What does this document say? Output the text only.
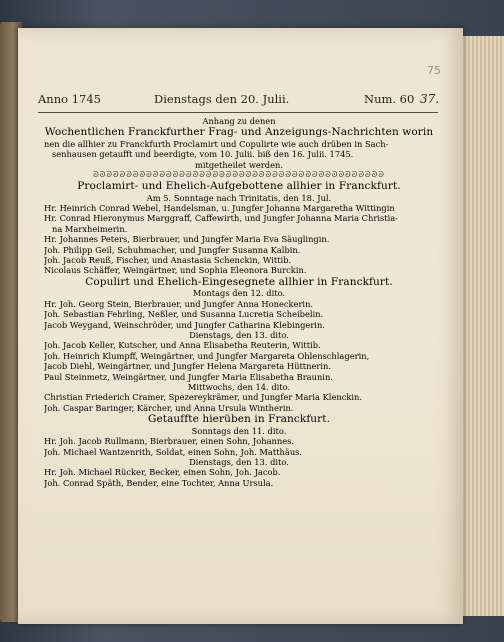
75
Anno 1745	Dienstags den 20. Julii.	Num. 60 37.
Anhang zu denen
Wochentlichen Franckfurther Frag- und Anzeigungs-Nachrichten worin
nen die allhier zu Franckfurth Proclamirt und Copulirte wie auch drüben in Sach-
senhausen getaufft und beerdigte, vom 10. Julii. biß den 16. Julii. 1745.
mitgetheilet werden.
ᘐᘐᘐᘐᘐᘐᘐᘐᘐᘐᘐᘐᘐᘐᘐᘐᘐᘐᘐᘐᘐᘐᘐᘐᘐᘐᘐᘐᘐᘐᘐᘐᘐᘐᘐᘐᘐᘐᘐᘐᘐᘐᘐᘐ
Proclamirt- und Ehelich-Aufgebottene allhier in Franckfurt.
Am 5. Sonntage nach Trinitatis, den 18. Jul.
Hr. Heinrich Conrad Webel, Handelsman, u. Jungfer Johanna Margaretha Wittingin
Hr. Conrad Hieronymus Marggraff, Caffewirth, und Jungfer Johanna Maria Christia-
na Marxheimerin.
Hr. Johannes Peters, Bierbrauer, und Jungfer Maria Eva Säuglingin.
Joh. Philipp Geil, Schuhmacher, und Jungfer Susanna Kalbin.
Joh. Jacob Reuß, Fischer, und Anastasia Schenckin, Wittib.
Nicolaus Schäffer, Weingärtner, und Sophia Eleonora Burckin.
Copulirt und Ehelich-Eingesegnete allhier in Franckfurt.
Montags den 12. dito.
Hr. Joh. Georg Stein, Bierbrauer, und Jungfer Anna Honeckerin.
Joh. Sebastian Fehrling, Neßler, und Susanna Lucretia Scheibelin.
Jacob Weygand, Weinschröder, und Jungfer Catharina Klebingerin.
Dienstags, den 13. dito.
Joh. Jacob Keller, Kutscher, und Anna Elisabetha Reuterin, Wittib.
Joh. Heinrich Klumpff, Weingärtner, und Jungfer Margareta Ohlenschlagerin,
Jacob Diehl, Weingärtner, und Jungfer Helena Margareta Hüttnerin.
Paul Steinmetz, Weingärtner, und Jungfer Maria Elisabetha Braunin.
Mittwochs, den 14. dito.
Christian Friederich Cramer, Spezereykrämer, und Jungfer Maria Klenckin.
Joh. Caspar Baringer, Kärcher, und Anna Ursula Wintherin.
Getauffte hierüben in Franckfurt.
Sonntags den 11. dito.
Hr. Joh. Jacob Rullmann, Bierbrauer, einen Sohn, Johannes.
Joh. Michael Wantzenrith, Soldat, einen Sohn, Joh. Matthäus.
Dienstags, den 13. dito.
Hr. Joh. Michael Rücker, Becker, einen Sohn, Joh. Jacob.
Joh. Conrad Späth, Bender, eine Tochter, Anna Ursula.
